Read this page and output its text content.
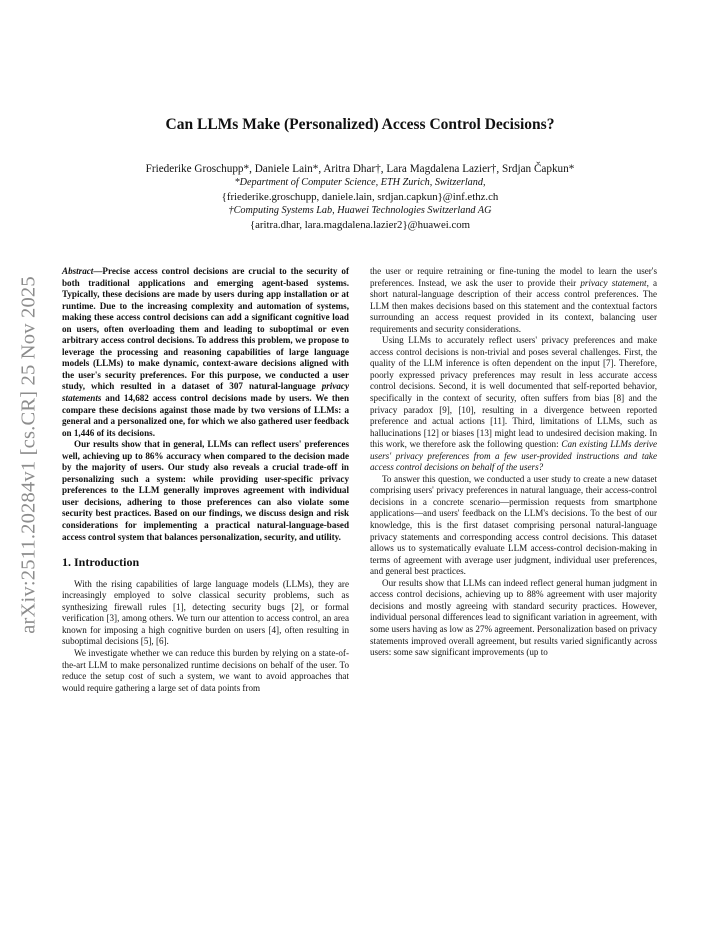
arXiv:2511.20284v1 [cs.CR] 25 Nov 2025
Can LLMs Make (Personalized) Access Control Decisions?
Friederike Groschupp*, Daniele Lain*, Aritra Dhar†, Lara Magdalena Lazier†, Srdjan Čapkun*
*Department of Computer Science, ETH Zurich, Switzerland,
{friederike.groschupp, daniele.lain, srdjan.capkun}@inf.ethz.ch
†Computing Systems Lab, Huawei Technologies Switzerland AG
{aritra.dhar, lara.magdalena.lazier2}@huawei.com

Abstract—Precise access control decisions are crucial to the security of both traditional applications and emerging agent-based systems. Typically, these decisions are made by users during app installation or at runtime. Due to the increasing complexity and automation of systems, making these access control decisions can add a significant cognitive load on users, often overloading them and leading to suboptimal or even arbitrary access control decisions. To address this problem, we propose to leverage the processing and reasoning capabilities of large language models (LLMs) to make dynamic, context-aware decisions aligned with the user's security preferences. For this purpose, we conducted a user study, which resulted in a dataset of 307 natural-language privacy statements and 14,682 access control decisions made by users. We then compare these decisions against those made by two versions of LLMs: a general and a personalized one, for which we also gathered user feedback on 1,446 of its decisions.

Our results show that in general, LLMs can reflect users' preferences well, achieving up to 86% accuracy when compared to the decision made by the majority of users. Our study also reveals a crucial trade-off in personalizing such a system: while providing user-specific privacy preferences to the LLM generally improves agreement with individual user decisions, adhering to those preferences can also violate some security best practices. Based on our findings, we discuss design and risk considerations for implementing a practical natural-language-based access control system that balances personalization, security, and utility.

1. Introduction

With the rising capabilities of large language models (LLMs), they are increasingly employed to solve classical security problems, such as synthesizing firewall rules [1], detecting security bugs [2], or formal verification [3], among others. We turn our attention to access control, an area known for imposing a high cognitive burden on users [4], often resulting in suboptimal decisions [5], [6].

We investigate whether we can reduce this burden by relying on a state-of-the-art LLM to make personalized runtime decisions on behalf of the user. To reduce the setup cost of such a system, we want to avoid approaches that would require gathering a large set of data points from

the user or require retraining or fine-tuning the model to learn the user's preferences. Instead, we ask the user to provide their privacy statement, a short natural-language description of their access control preferences. The LLM then makes decisions based on this statement and the contextual factors surrounding an access request provided in its context, balancing user requirements and security considerations.

Using LLMs to accurately reflect users' privacy preferences and make access control decisions is non-trivial and poses several challenges. First, the quality of the LLM inference is often dependent on the input [7]. Therefore, poorly expressed privacy preferences may result in less accurate access control decisions. Second, it is well documented that self-reported behavior, specifically in the context of security, often suffers from bias [8] and the privacy paradox [9], [10], resulting in a divergence between reported preference and actual actions [11]. Third, limitations of LLMs, such as hallucinations [12] or biases [13] might lead to undesired decision making. In this work, we therefore ask the following question: Can existing LLMs derive users' privacy preferences from a few user-provided instructions and take access control decisions on behalf of the users?

To answer this question, we conducted a user study to create a new dataset comprising users' privacy preferences in natural language, their access-control decisions in a concrete scenario—permission requests from smartphone applications—and users' feedback on the LLM's decisions. To the best of our knowledge, this is the first dataset comprising personal natural-language privacy statements and corresponding access control decisions. This dataset allows us to systematically evaluate LLM access-control decision-making in terms of agreement with average user judgment, individual user preferences, and general best practices.

Our results show that LLMs can indeed reflect general human judgment in access control decisions, achieving up to 88% agreement with user majority decisions and mostly agreeing with standard security practices. However, individual personal differences lead to significant variation in agreement, with some users having as low as 27% agreement. Personalization based on privacy statements improved overall agreement, but results varied significantly across users: some saw significant improvements (up to
